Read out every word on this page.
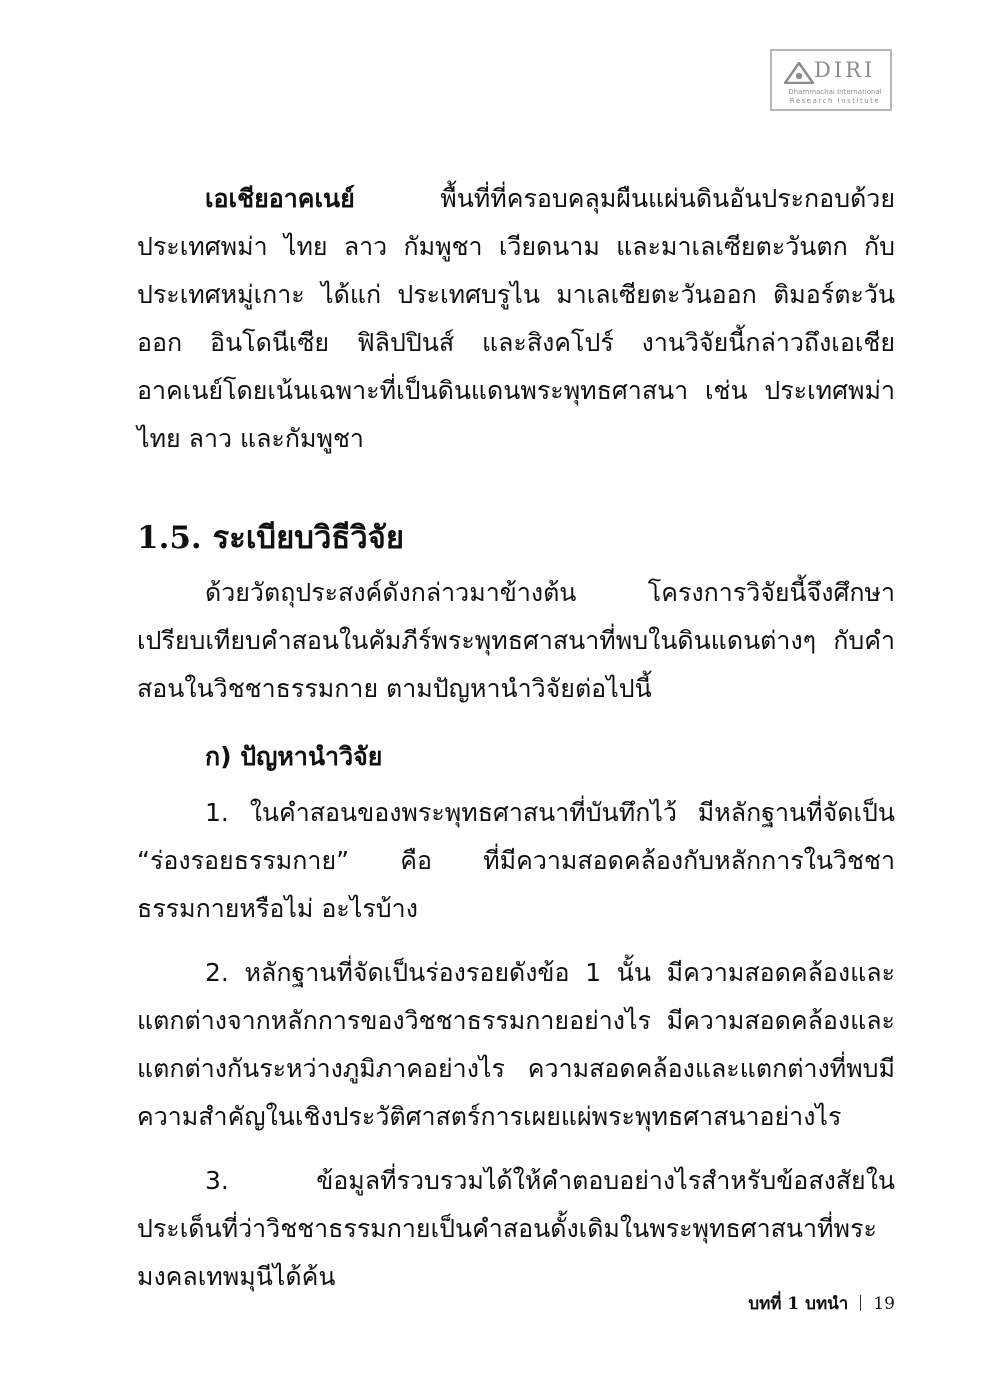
DIRI
Dhammachai International
Research Institute

เอเชียอาคเนย์ พื้นที่ที่ครอบคลุมผืนแผ่นดินอันประกอบด้วยประเทศพม่า ไทย ลาว กัมพูชา เวียดนาม และมาเลเซียตะวันตก กับประเทศหมู่เกาะ ได้แก่ ประเทศบรูไน มาเลเซียตะวันออก ติมอร์ตะวันออก อินโดนีเซีย ฟิลิปปินส์ และสิงคโปร์ งานวิจัยนี้กล่าวถึงเอเชียอาคเนย์โดยเน้นเฉพาะที่เป็นดินแดนพระพุทธศาสนา เช่น ประเทศพม่า ไทย ลาว และกัมพูชา

1.5. ระเบียบวิธีวิจัย

ด้วยวัตถุประสงค์ดังกล่าวมาข้างต้น โครงการวิจัยนี้จึงศึกษาเปรียบเทียบคำสอนในคัมภีร์พระพุทธศาสนาที่พบในดินแดนต่างๆ กับคำสอนในวิชชาธรรมกาย ตามปัญหานำวิจัยต่อไปนี้

ก) ปัญหานำวิจัย

1. ในคำสอนของพระพุทธศาสนาที่บันทึกไว้ มีหลักฐานที่จัดเป็น “ร่องรอยธรรมกาย” คือ ที่มีความสอดคล้องกับหลักการในวิชชาธรรมกายหรือไม่ อะไรบ้าง

2. หลักฐานที่จัดเป็นร่องรอยดังข้อ 1 นั้น มีความสอดคล้องและแตกต่างจากหลักการของวิชชาธรรมกายอย่างไร มีความสอดคล้องและแตกต่างกันระหว่างภูมิภาคอย่างไร ความสอดคล้องและแตกต่างที่พบมีความสำคัญในเชิงประวัติศาสตร์การเผยแผ่พระพุทธศาสนาอย่างไร

3. ข้อมูลที่รวบรวมได้ให้คำตอบอย่างไรสำหรับข้อสงสัยในประเด็นที่ว่าวิชชาธรรมกายเป็นคำสอนดั้งเดิมในพระพุทธศาสนาที่พระมงคลเทพมุนีได้ค้น

บทที่ 1 บทนำ 19
